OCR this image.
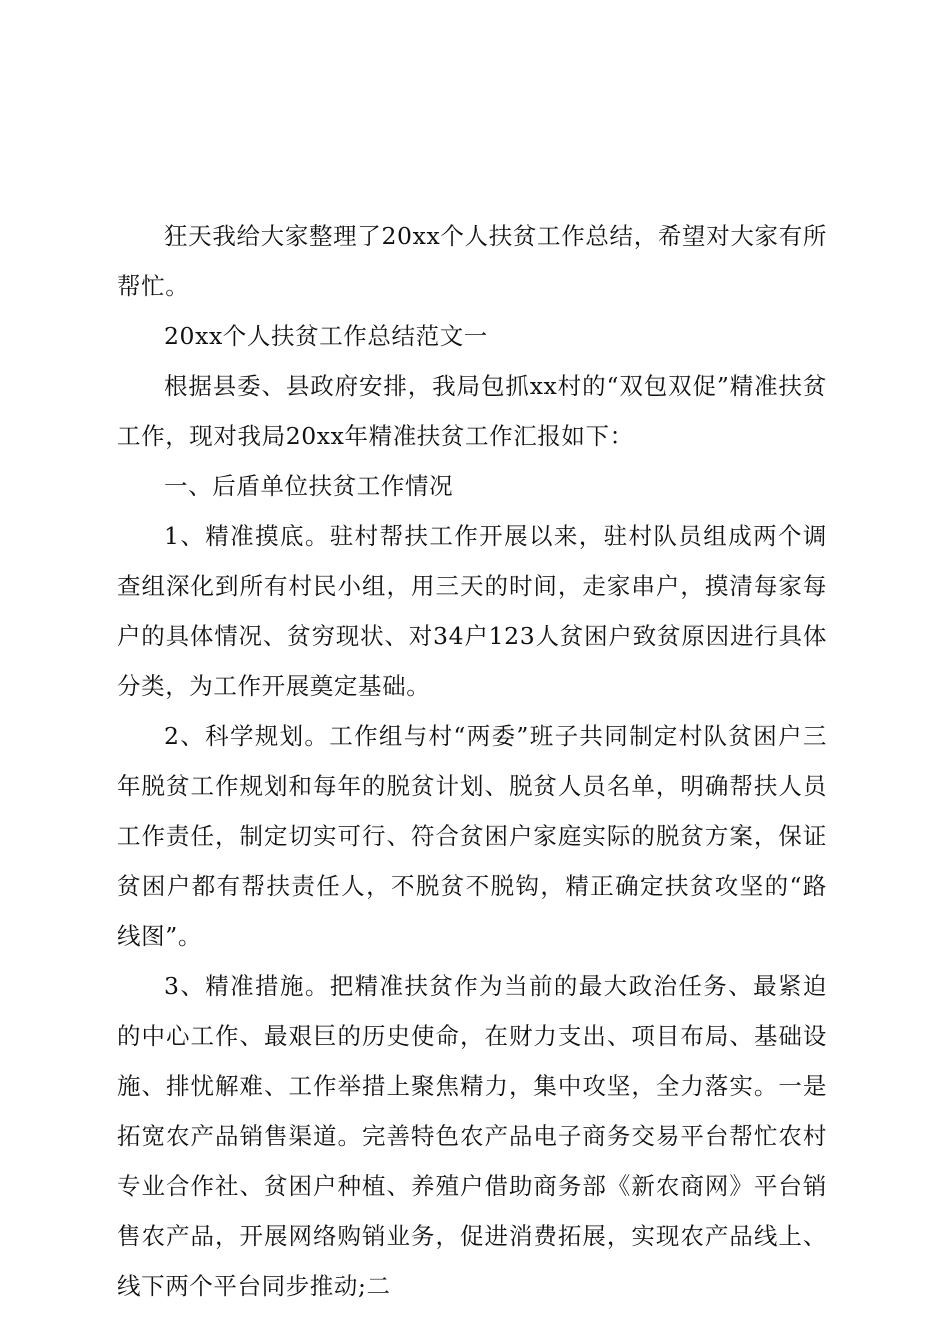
狂天我给大家整理了20xx个人扶贫工作总结，希望对大家有所帮忙。

20xx个人扶贫工作总结范文一

根据县委、县政府安排，我局包抓xx村的“双包双促”精准扶贫工作，现对我局20xx年精准扶贫工作汇报如下：

一、后盾单位扶贫工作情况

1、精准摸底。驻村帮扶工作开展以来，驻村队员组成两个调查组深化到所有村民小组，用三天的时间，走家串户，摸清每家每户的具体情况、贫穷现状、对34户123人贫困户致贫原因进行具体分类，为工作开展奠定基础。

2、科学规划。工作组与村“两委”班子共同制定村队贫困户三年脱贫工作规划和每年的脱贫计划、脱贫人员名单，明确帮扶人员工作责任，制定切实可行、符合贫困户家庭实际的脱贫方案，保证贫困户都有帮扶责任人，不脱贫不脱钩，精正确定扶贫攻坚的“路线图”。

3、精准措施。把精准扶贫作为当前的最大政治任务、最紧迫的中心工作、最艰巨的历史使命，在财力支出、项目布局、基础设施、排忧解难、工作举措上聚焦精力，集中攻坚，全力落实。一是拓宽农产品销售渠道。完善特色农产品电子商务交易平台帮忙农村专业合作社、贫困户种植、养殖户借助商务部《新农商网》平台销售农产品，开展网络购销业务，促进消费拓展，实现农产品线上、线下两个平台同步推动;二
